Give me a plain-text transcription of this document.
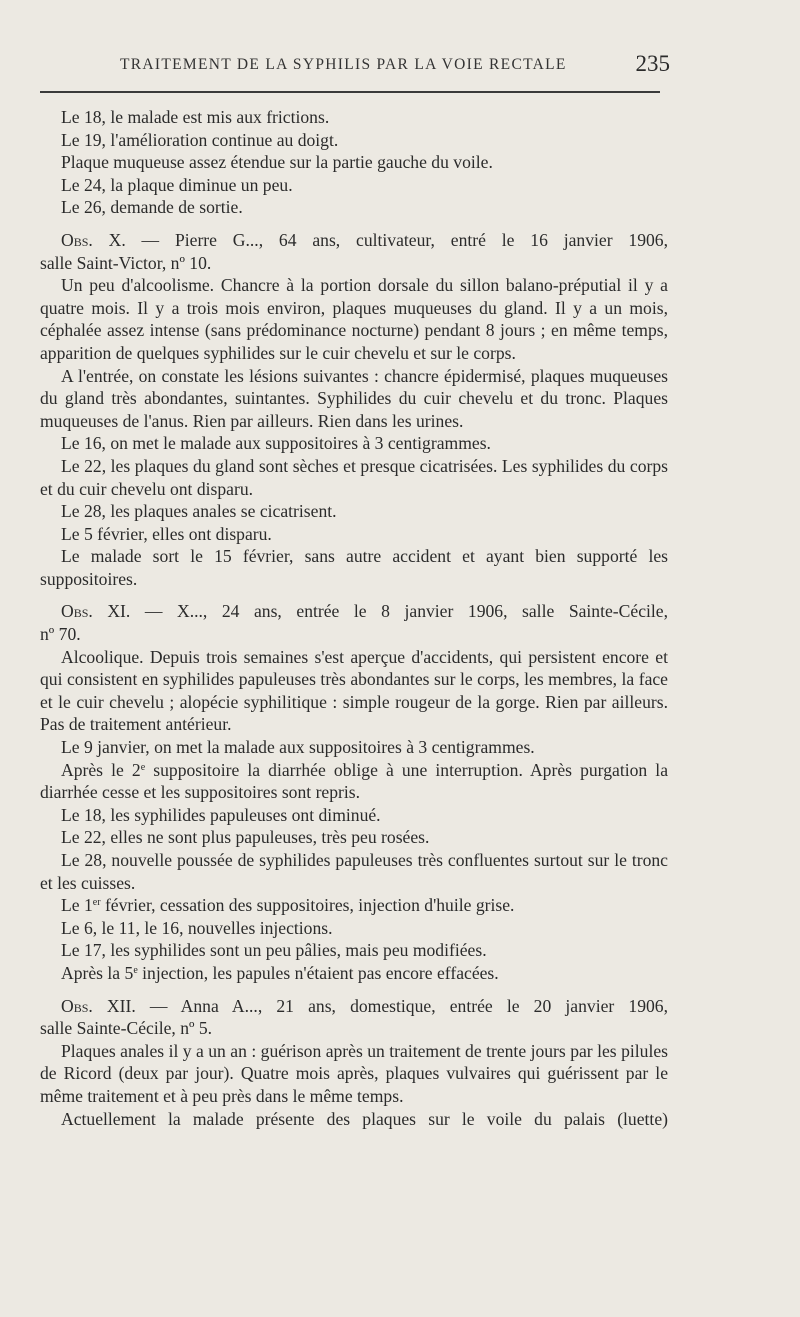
TRAITEMENT DE LA SYPHILIS PAR LA VOIE RECTALE	235

Le 18, le malade est mis aux frictions.

Le 19, l'amélioration continue au doigt.

Plaque muqueuse assez étendue sur la partie gauche du voile.

Le 24, la plaque diminue un peu.

Le 26, demande de sortie.

Obs. X. — Pierre G..., 64 ans, cultivateur, entré le 16 janvier 1906,

salle Saint-Victor, nº 10.

Un peu d'alcoolisme. Chancre à la portion dorsale du sillon balano-préputial il y a quatre mois. Il y a trois mois environ, plaques muqueuses du gland. Il y a un mois, céphalée assez intense (sans prédominance nocturne) pendant 8 jours ; en même temps, apparition de quelques syphilides sur le cuir chevelu et sur le corps.

A l'entrée, on constate les lésions suivantes : chancre épidermisé, plaques muqueuses du gland très abondantes, suintantes. Syphilides du cuir chevelu et du tronc. Plaques muqueuses de l'anus. Rien par ailleurs. Rien dans les urines.

Le 16, on met le malade aux suppositoires à 3 centigrammes.

Le 22, les plaques du gland sont sèches et presque cicatrisées. Les syphilides du corps et du cuir chevelu ont disparu.

Le 28, les plaques anales se cicatrisent.

Le 5 février, elles ont disparu.

Le malade sort le 15 février, sans autre accident et ayant bien supporté les suppositoires.

Obs. XI. — X..., 24 ans, entrée le 8 janvier 1906, salle Sainte-Cécile,

nº 70.

Alcoolique. Depuis trois semaines s'est aperçue d'accidents, qui persistent encore et qui consistent en syphilides papuleuses très abondantes sur le corps, les membres, la face et le cuir chevelu ; alopécie syphilitique : simple rougeur de la gorge. Rien par ailleurs. Pas de traitement antérieur.

Le 9 janvier, on met la malade aux suppositoires à 3 centigrammes.

Après le 2e suppositoire la diarrhée oblige à une interruption. Après purgation la diarrhée cesse et les suppositoires sont repris.

Le 18, les syphilides papuleuses ont diminué.

Le 22, elles ne sont plus papuleuses, très peu rosées.

Le 28, nouvelle poussée de syphilides papuleuses très confluentes surtout sur le tronc et les cuisses.

Le 1er février, cessation des suppositoires, injection d'huile grise.

Le 6, le 11, le 16, nouvelles injections.

Le 17, les syphilides sont un peu pâlies, mais peu modifiées.

Après la 5e injection, les papules n'étaient pas encore effacées.

Obs. XII. — Anna A..., 21 ans, domestique, entrée le 20 janvier 1906,

salle Sainte-Cécile, nº 5.

Plaques anales il y a un an : guérison après un traitement de trente jours par les pilules de Ricord (deux par jour). Quatre mois après, plaques vulvaires qui guérissent par le même traitement et à peu près dans le même temps.

Actuellement la malade présente des plaques sur le voile du palais (luette)
